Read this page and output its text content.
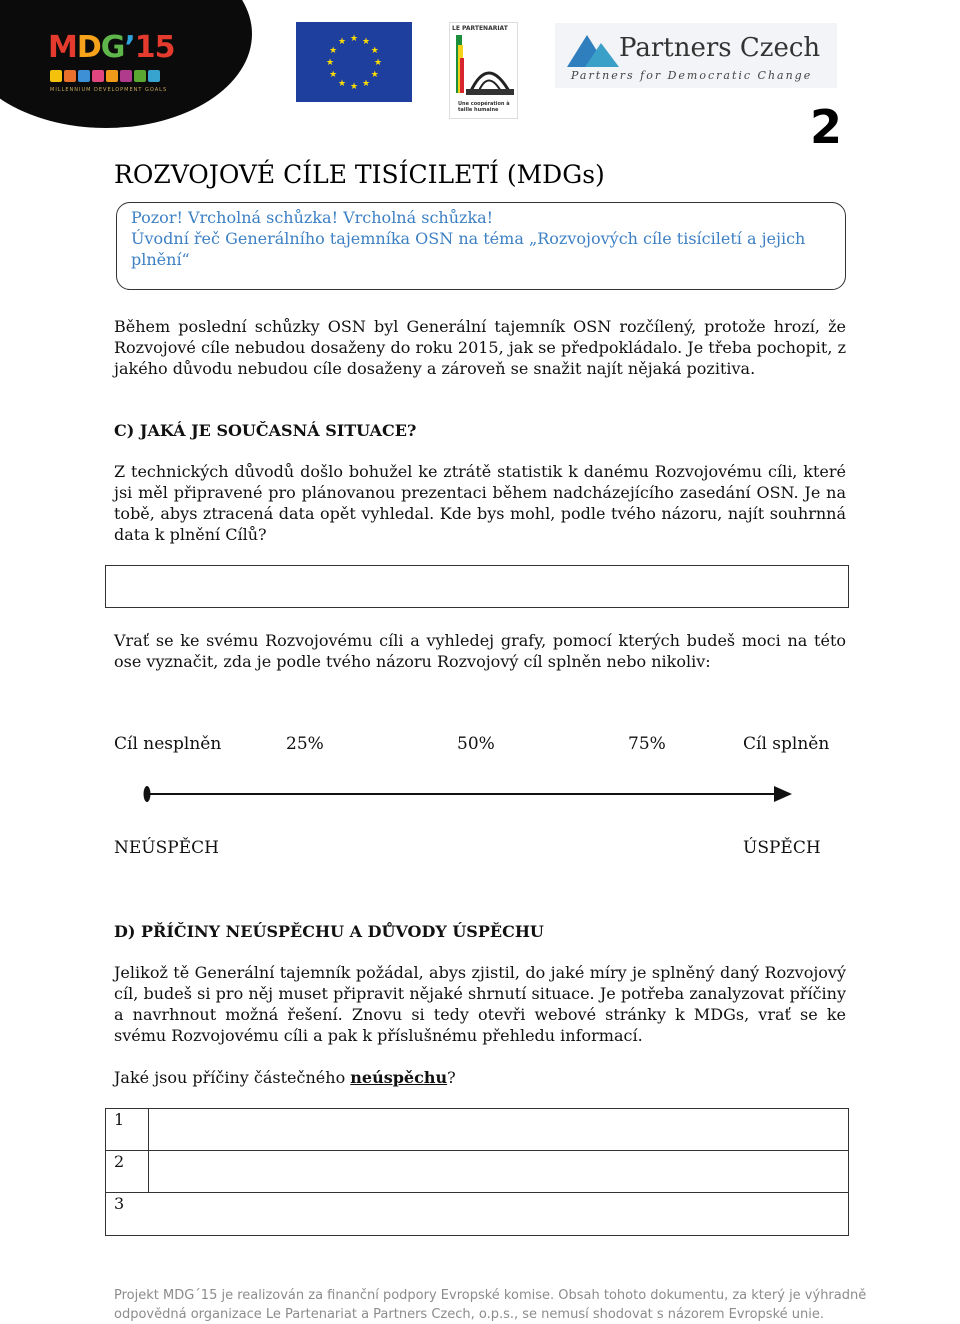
MDG’15
MILLENNIUM DEVELOPMENT GOALS
★ ★
★
★
★
★
★
★
★
★
★
★
LE PARTENARIAT
Une coopération à taille humaine
Partners Czech
Partners for Democratic Change
2
ROZVOJOVÉ CÍLE TISÍCILETÍ (MDGs)
Pozor! Vrcholná schůzka! Vrcholná schůzka!
Úvodní řeč Generálního tajemníka OSN na téma „Rozvojových cíle tisíciletí a jejich plnění“
Během poslední schůzky OSN byl Generální tajemník OSN rozčílený, protože hrozí, že Rozvojové cíle nebudou dosaženy do roku 2015, jak se předpokládalo. Je třeba pochopit, z jakého důvodu nebudou cíle dosaženy a zároveň se snažit najít nějaká pozitiva.
C) JAKÁ JE SOUČASNÁ SITUACE?
Z technických důvodů došlo bohužel ke ztrátě statistik k danému Rozvojovému cíli, které jsi měl připravené pro plánovanou prezentaci během nadcházejícího zasedání OSN. Je na tobě, abys ztracená data opět vyhledal. Kde bys mohl, podle tvého názoru, najít souhrnná data k plnění Cílů?
Vrať se ke svému Rozvojovému cíli a vyhledej grafy, pomocí kterých budeš moci na této ose vyznačit, zda je podle tvého názoru Rozvojový cíl splněn nebo nikoliv:
Cíl nesplněn	25%	50%	75%	Cíl splněn
NEÚSPĚCH	ÚSPĚCH
D) PŘÍČINY NEÚSPĚCHU A DŮVODY ÚSPĚCHU
Jelikož tě Generální tajemník požádal, abys zjistil, do jaké míry je splněný daný Rozvojový cíl, budeš si pro něj muset připravit nějaké shrnutí situace. Je potřeba zanalyzovat příčiny a navrhnout možná řešení. Znovu si tedy otevři webové stránky k MDGs, vrať se ke svému Rozvojovému cíli a pak k příslušnému přehledu informací.
Jaké jsou příčiny částečného neúspěchu?
1
2
3
Projekt MDG´15 je realizován za finanční podpory Evropské komise. Obsah tohoto dokumentu, za který je výhradně
odpovědná organizace Le Partenariat a Partners Czech, o.p.s., se nemusí shodovat s názorem Evropské unie.
